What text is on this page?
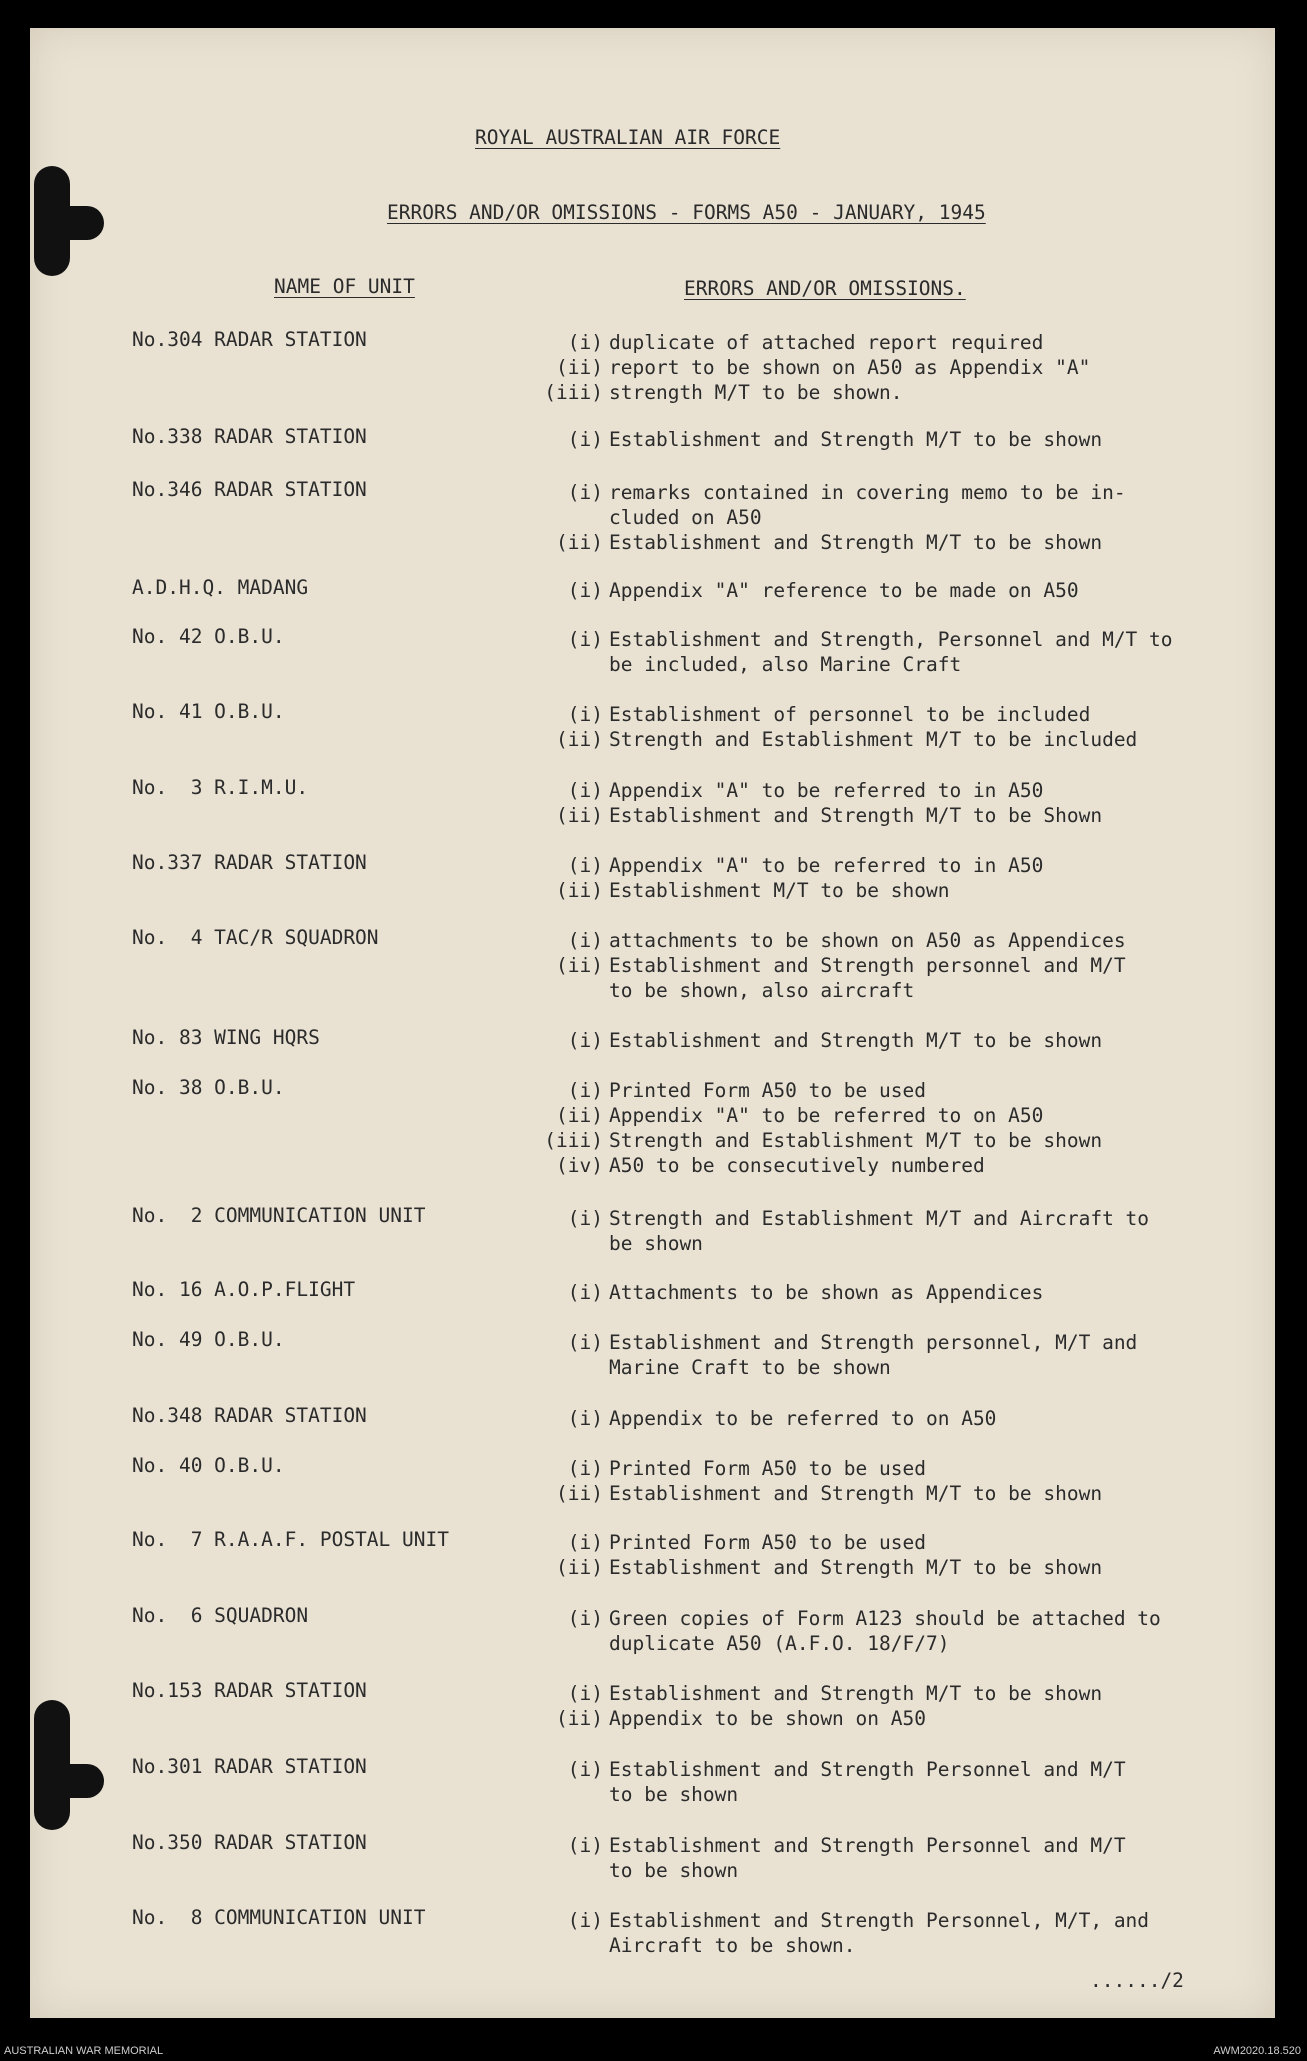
ROYAL AUSTRALIAN AIR FORCE
ERRORS AND/OR OMISSIONS - FORMS A50 - JANUARY, 1945
NAME OF UNIT	ERRORS AND/OR OMISSIONS.
No.304 RADAR STATION	(i) duplicate of attached report required
(ii) report to be shown on A50 as Appendix "A"
(iii) strength M/T to be shown.
No.338 RADAR STATION	(i) Establishment and Strength M/T to be shown
No.346 RADAR STATION	(i) remarks contained in covering memo to be in-
cluded on A50
(ii) Establishment and Strength M/T to be shown
A.D.H.Q. MADANG	(i) Appendix "A" reference to be made on A50
No. 42 O.B.U.	(i) Establishment and Strength, Personnel and M/T to
be included, also Marine Craft
No. 41 O.B.U.	(i) Establishment of personnel to be included
(ii) Strength and Establishment M/T to be included
No.  3 R.I.M.U.	(i) Appendix "A" to be referred to in A50
(ii) Establishment and Strength M/T to be Shown
No.337 RADAR STATION	(i) Appendix "A" to be referred to in A50
(ii) Establishment M/T to be shown
No.  4 TAC/R SQUADRON	(i) attachments to be shown on A50 as Appendices
(ii) Establishment and Strength personnel and M/T
to be shown, also aircraft
No. 83 WING HQRS	(i) Establishment and Strength M/T to be shown
No. 38 O.B.U.	(i) Printed Form A50 to be used
(ii) Appendix "A" to be referred to on A50
(iii) Strength and Establishment M/T to be shown
(iv) A50 to be consecutively numbered
No.  2 COMMUNICATION UNIT	(i) Strength and Establishment M/T and Aircraft to
be shown
No. 16 A.O.P.FLIGHT	(i) Attachments to be shown as Appendices
No. 49 O.B.U.	(i) Establishment and Strength personnel, M/T and
Marine Craft to be shown
No.348 RADAR STATION	(i) Appendix to be referred to on A50
No. 40 O.B.U.	(i) Printed Form A50 to be used
(ii) Establishment and Strength M/T to be shown
No.  7 R.A.A.F. POSTAL UNIT	(i) Printed Form A50 to be used
(ii) Establishment and Strength M/T to be shown
No.  6 SQUADRON	(i) Green copies of Form A123 should be attached to
duplicate A50 (A.F.O. 18/F/7)
No.153 RADAR STATION	(i) Establishment and Strength M/T to be shown
(ii) Appendix to be shown on A50
No.301 RADAR STATION	(i) Establishment and Strength Personnel and M/T
to be shown
No.350 RADAR STATION	(i) Establishment and Strength Personnel and M/T
to be shown
No.  8 COMMUNICATION UNIT	(i) Establishment and Strength Personnel, M/T, and
Aircraft to be shown.
....../2
AUSTRALIAN WAR MEMORIAL	AWM2020.18.520
